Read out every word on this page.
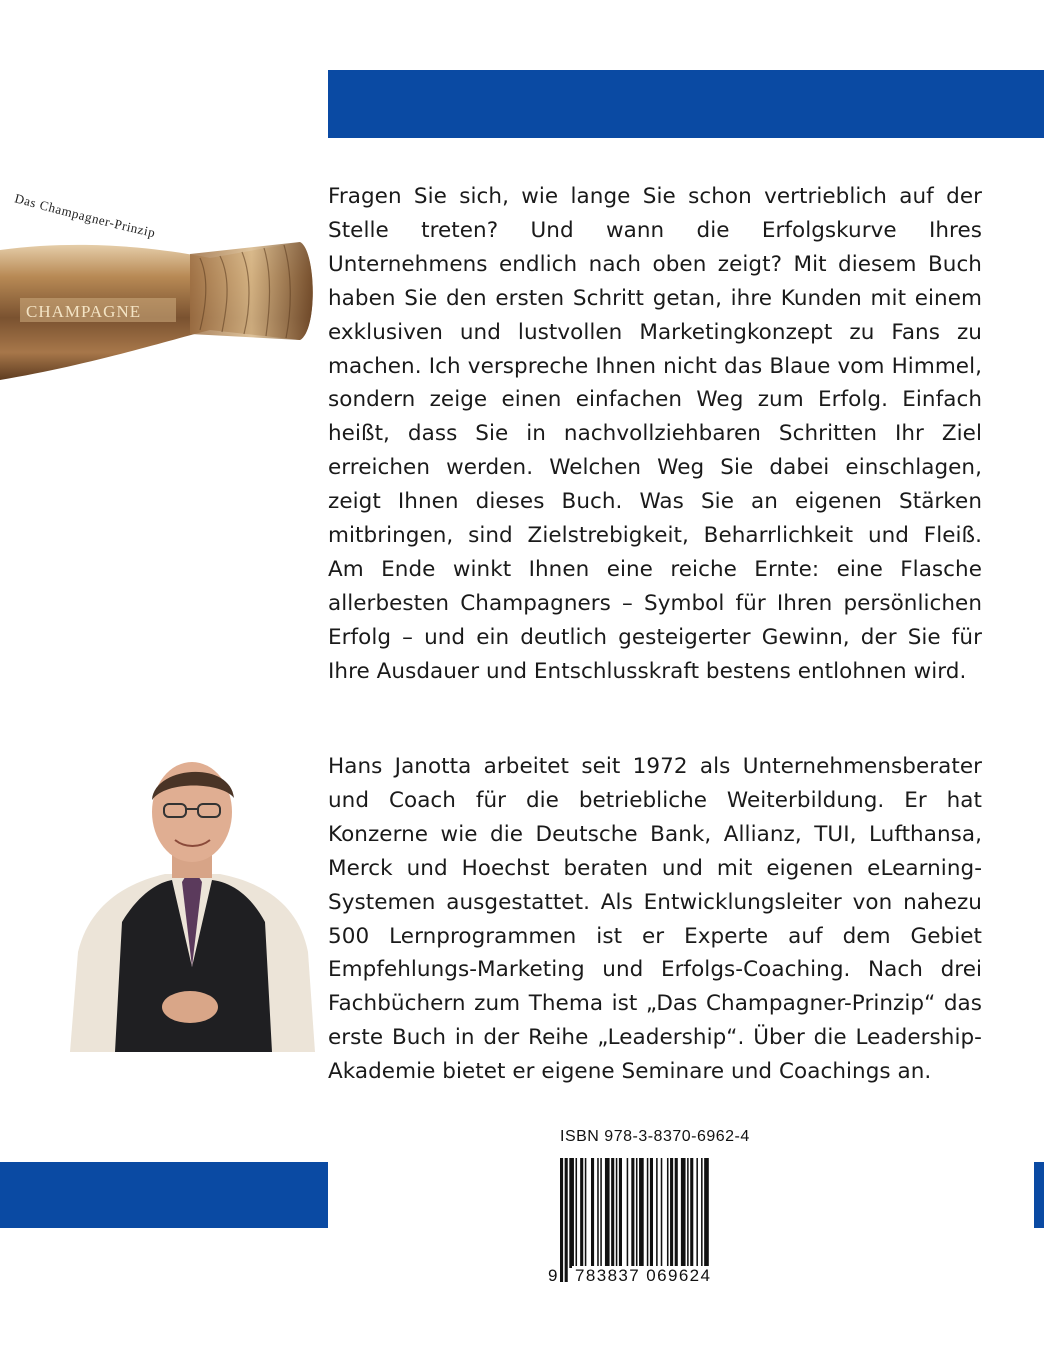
CHAMPAGNE
Das Champagner-Prinzip

Fragen Sie sich, wie lange Sie schon vertrieblich auf der Stelle treten? Und wann die Erfolgskurve Ihres Unternehmens endlich nach oben zeigt? Mit diesem Buch haben Sie den ersten Schritt getan, ihre Kunden mit einem exklusiven und lustvollen Marketingkonzept zu Fans zu machen. Ich verspreche Ihnen nicht das Blaue vom Himmel, sondern zeige einen einfachen Weg zum Erfolg. Einfach heißt, dass Sie in nachvollziehbaren Schritten Ihr Ziel erreichen werden. Welchen Weg Sie dabei einschlagen, zeigt Ihnen dieses Buch. Was Sie an eigenen Stärken mitbringen, sind Zielstrebigkeit, Beharrlichkeit und Fleiß. Am Ende winkt Ihnen eine reiche Ernte: eine Flasche allerbesten Champagners – Symbol für Ihren persönlichen Erfolg – und ein deutlich gesteigerter Gewinn, der Sie für Ihre Ausdauer und Entschlusskraft bestens entlohnen wird.

Hans Janotta arbeitet seit 1972 als Unternehmensberater und Coach für die betriebliche Weiterbildung. Er hat Konzerne wie die Deutsche Bank, Allianz, TUI, Lufthansa, Merck und Hoechst beraten und mit eigenen eLearning-Systemen ausgestattet. Als Entwicklungsleiter von nahezu 500 Lernprogrammen ist er Experte auf dem Gebiet Empfehlungs-Marketing und Erfolgs-Coaching. Nach drei Fachbüchern zum Thema ist „Das Champagner-Prinzip“ das erste Buch in der Reihe „Leadership“. Über die Leadership-Akademie bietet er eigene Seminare und Coachings an.

ISBN 978-3-8370-6962-4
783837 069624
9
